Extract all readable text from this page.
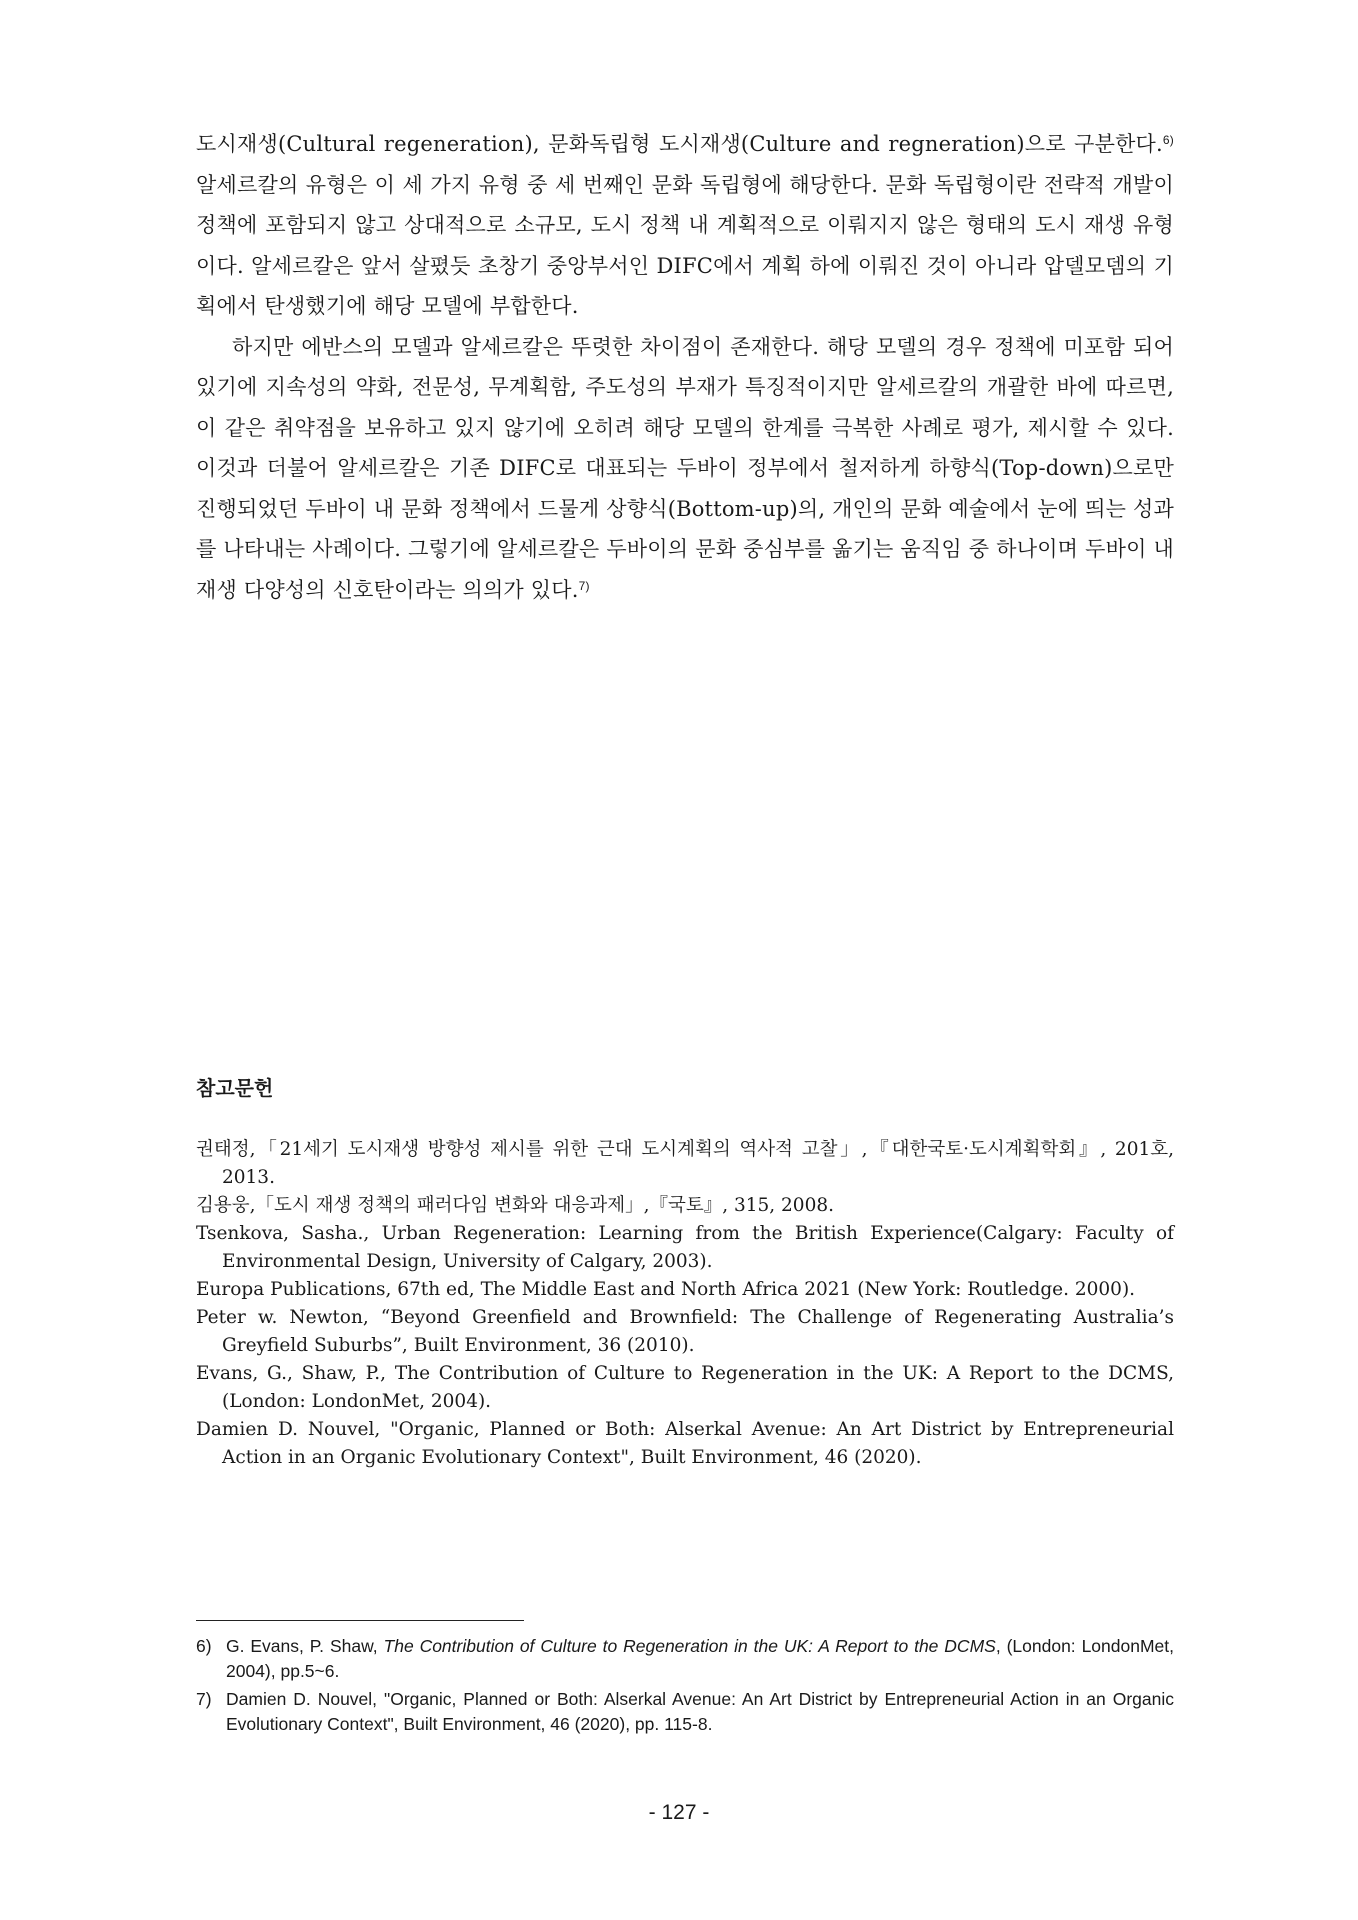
도시재생(Cultural regeneration), 문화독립형 도시재생(Culture and regneration)으로 구분한다.$^{6)}$ 알세르칼의 유형은 이 세 가지 유형 중 세 번째인 문화 독립형에 해당한다. 문화 독립형이란 전략적 개발이 정책에 포함되지 않고 상대적으로 소규모, 도시 정책 내 계획적으로 이뤄지지 않은 형태의 도시 재생 유형이다. 알세르칼은 앞서 살폈듯 초창기 중앙부서인 DIFC에서 계획 하에 이뤄진 것이 아니라 압델모뎀의 기획에서 탄생했기에 해당 모델에 부합한다.

하지만 에반스의 모델과 알세르칼은 뚜렷한 차이점이 존재한다. 해당 모델의 경우 정책에 미포함 되어있기에 지속성의 약화, 전문성, 무계획함, 주도성의 부재가 특징적이지만 알세르칼의 개괄한 바에 따르면, 이 같은 취약점을 보유하고 있지 않기에 오히려 해당 모델의 한계를 극복한 사례로 평가, 제시할 수 있다. 이것과 더불어 알세르칼은 기존 DIFC로 대표되는 두바이 정부에서 철저하게 하향식(Top-down)으로만 진행되었던 두바이 내 문화 정책에서 드물게 상향식(Bottom-up)의, 개인의 문화 예술에서 눈에 띄는 성과를 나타내는 사례이다. 그렇기에 알세르칼은 두바이의 문화 중심부를 옮기는 움직임 중 하나이며 두바이 내 재생 다양성의 신호탄이라는 의의가 있다.$^{7)}$

참고문헌
권태정,「21세기 도시재생 방향성 제시를 위한 근대 도시계획의 역사적 고찰」,『대한국토·도시계획학회』, 201호, 2013.
김용웅,「도시 재생 정책의 패러다임 변화와 대응과제」,『국토』, 315, 2008.
Tsenkova, Sasha., Urban Regeneration: Learning from the British Experience(Calgary: Faculty of Environmental Design, University of Calgary, 2003).
Europa Publications, 67th ed, The Middle East and North Africa 2021 (New York: Routledge. 2000).
Peter w. Newton, “Beyond Greenfield and Brownfield: The Challenge of Regenerating Australia’s Greyfield Suburbs”, Built Environment, 36 (2010).
Evans, G., Shaw, P., The Contribution of Culture to Regeneration in the UK: A Report to the DCMS, (London: LondonMet, 2004).
Damien D. Nouvel, "Organic, Planned or Both: Alserkal Avenue: An Art District by Entrepreneurial Action in an Organic Evolutionary Context", Built Environment, 46 (2020).
6) G. Evans, P. Shaw, The Contribution of Culture to Regeneration in the UK: A Report to the DCMS, (London: LondonMet, 2004), pp.5~6.
7) Damien D. Nouvel, "Organic, Planned or Both: Alserkal Avenue: An Art District by Entrepreneurial Action in an Organic Evolutionary Context", Built Environment, 46 (2020), pp. 115-8.
- 127 -
